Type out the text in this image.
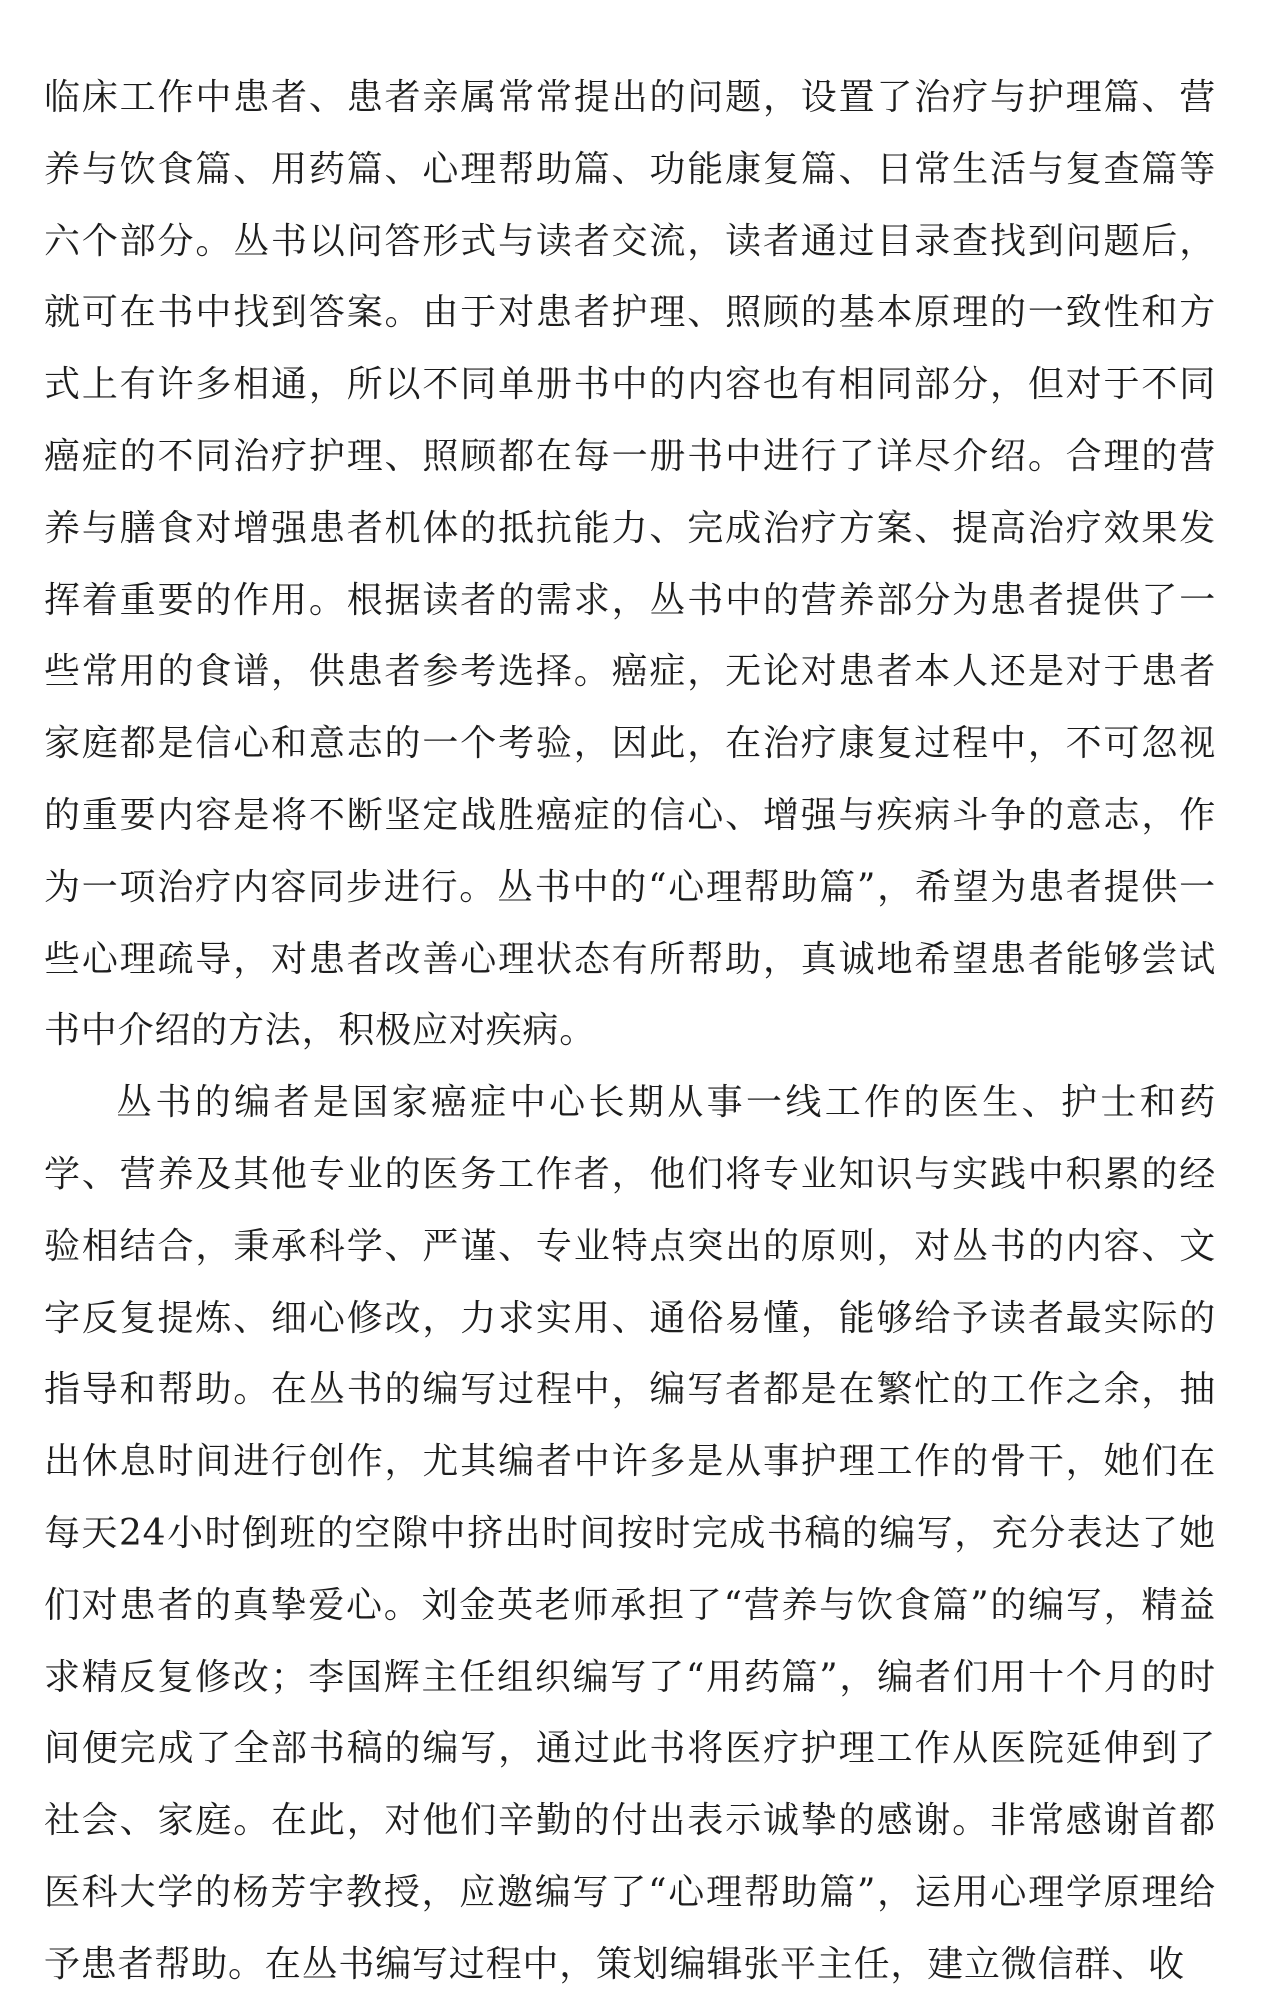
临床工作中患者、患者亲属常常提出的问题，设置了治疗与护理篇、营养与饮食篇、用药篇、心理帮助篇、功能康复篇、日常生活与复查篇等六个部分。丛书以问答形式与读者交流，读者通过目录查找到问题后，就可在书中找到答案。由于对患者护理、照顾的基本原理的一致性和方式上有许多相通，所以不同单册书中的内容也有相同部分，但对于不同癌症的不同治疗护理、照顾都在每一册书中进行了详尽介绍。合理的营养与膳食对增强患者机体的抵抗能力、完成治疗方案、提高治疗效果发挥着重要的作用。根据读者的需求，丛书中的营养部分为患者提供了一些常用的食谱，供患者参考选择。癌症，无论对患者本人还是对于患者家庭都是信心和意志的一个考验，因此，在治疗康复过程中，不可忽视的重要内容是将不断坚定战胜癌症的信心、增强与疾病斗争的意志，作为一项治疗内容同步进行。丛书中的“心理帮助篇”，希望为患者提供一些心理疏导，对患者改善心理状态有所帮助，真诚地希望患者能够尝试书中介绍的方法，积极应对疾病。

丛书的编者是国家癌症中心长期从事一线工作的医生、护士和药学、营养及其他专业的医务工作者，他们将专业知识与实践中积累的经验相结合，秉承科学、严谨、专业特点突出的原则，对丛书的内容、文字反复提炼、细心修改，力求实用、通俗易懂，能够给予读者最实际的指导和帮助。在丛书的编写过程中，编写者都是在繁忙的工作之余，抽出休息时间进行创作，尤其编者中许多是从事护理工作的骨干，她们在每天24小时倒班的空隙中挤出时间按时完成书稿的编写，充分表达了她们对患者的真挚爱心。刘金英老师承担了“营养与饮食篇”的编写，精益求精反复修改；李国辉主任组织编写了“用药篇”，编者们用十个月的时间便完成了全部书稿的编写，通过此书将医疗护理工作从医院延伸到了社会、家庭。在此，对他们辛勤的付出表示诚挚的感谢。非常感谢首都医科大学的杨芳宇教授，应邀编写了“心理帮助篇”，运用心理学原理给予患者帮助。在丛书编写过程中，策划编辑张平主任，建立微信群、收
